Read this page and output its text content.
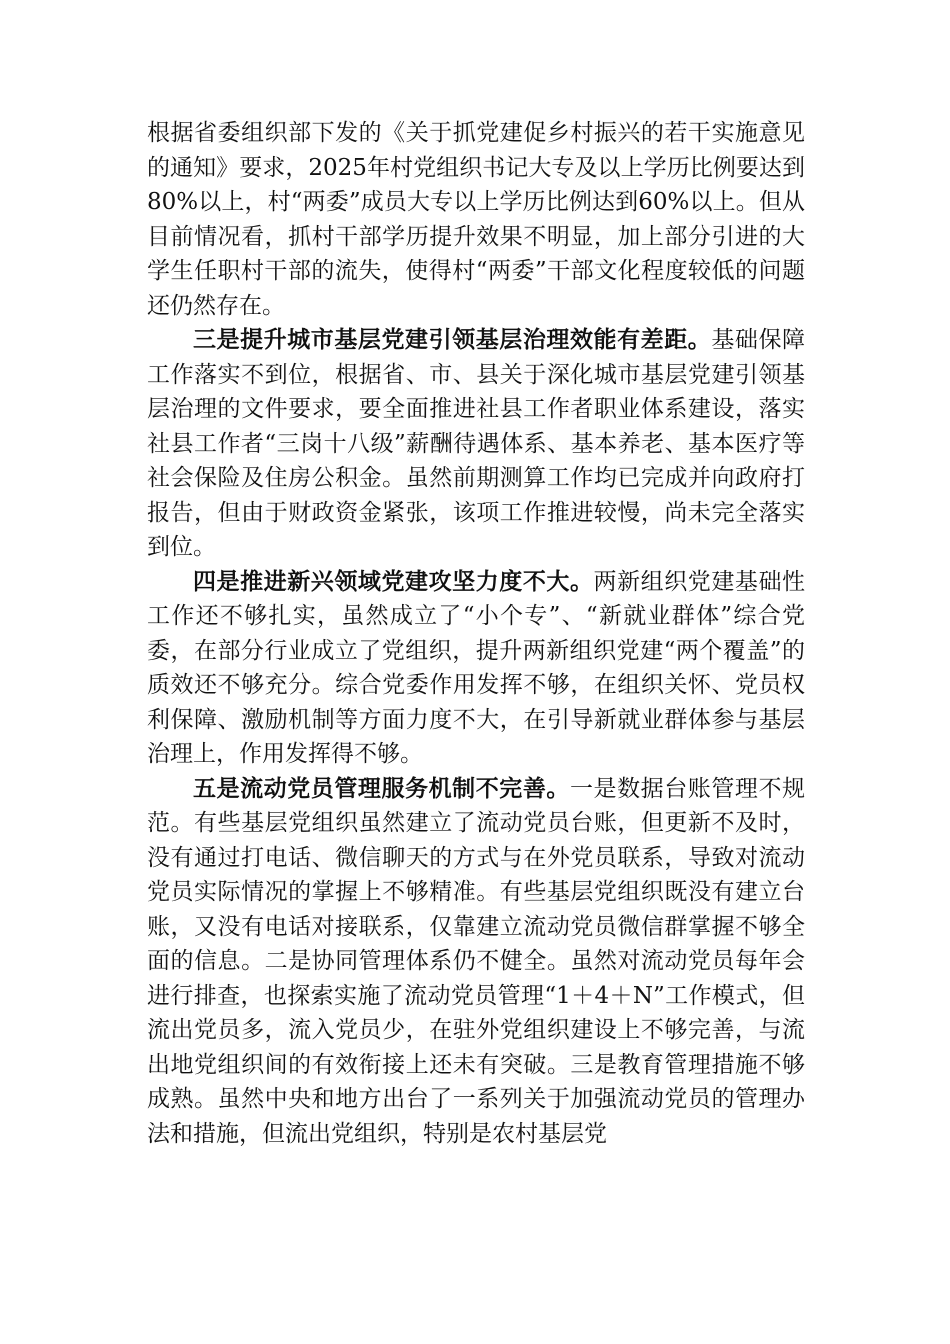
根据省委组织部下发的《关于抓党建促乡村振兴的若干实施意见的通知》要求，2025年村党组织书记大专及以上学历比例要达到80%以上，村“两委”成员大专以上学历比例达到60%以上。但从目前情况看，抓村干部学历提升效果不明显，加上部分引进的大学生任职村干部的流失，使得村“两委”干部文化程度较低的问题还仍然存在。

三是提升城市基层党建引领基层治理效能有差距。基础保障工作落实不到位，根据省、市、县关于深化城市基层党建引领基层治理的文件要求，要全面推进社县工作者职业体系建设，落实社县工作者“三岗十八级”薪酬待遇体系、基本养老、基本医疗等社会保险及住房公积金。虽然前期测算工作均已完成并向政府打报告，但由于财政资金紧张，该项工作推进较慢，尚未完全落实到位。

四是推进新兴领域党建攻坚力度不大。两新组织党建基础性工作还不够扎实，虽然成立了“小个专”、“新就业群体”综合党委，在部分行业成立了党组织，提升两新组织党建“两个覆盖”的质效还不够充分。综合党委作用发挥不够，在组织关怀、党员权利保障、激励机制等方面力度不大，在引导新就业群体参与基层治理上，作用发挥得不够。

五是流动党员管理服务机制不完善。一是数据台账管理不规范。有些基层党组织虽然建立了流动党员台账，但更新不及时，没有通过打电话、微信聊天的方式与在外党员联系，导致对流动党员实际情况的掌握上不够精准。有些基层党组织既没有建立台账，又没有电话对接联系，仅靠建立流动党员微信群掌握不够全面的信息。二是协同管理体系仍不健全。虽然对流动党员每年会进行排查，也探索实施了流动党员管理“1＋4＋N”工作模式，但流出党员多，流入党员少，在驻外党组织建设上不够完善，与流出地党组织间的有效衔接上还未有突破。三是教育管理措施不够成熟。虽然中央和地方出台了一系列关于加强流动党员的管理办法和措施，但流出党组织，特别是农村基层党
